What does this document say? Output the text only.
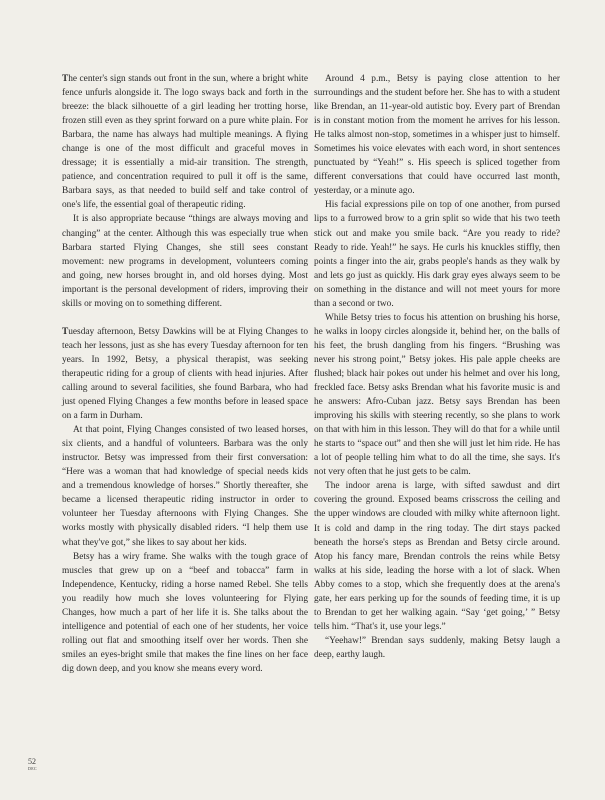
The center's sign stands out front in the sun, where a bright white fence unfurls alongside it. The logo sways back and forth in the breeze: the black silhouette of a girl leading her trotting horse, frozen still even as they sprint forward on a pure white plain. For Barbara, the name has always had multiple meanings. A flying change is one of the most difficult and graceful moves in dressage; it is essentially a mid-air transition. The strength, patience, and concentration required to pull it off is the same, Barbara says, as that needed to build self and take control of one's life, the essential goal of therapeutic riding.

It is also appropriate because “things are always moving and changing” at the center. Although this was especially true when Barbara started Flying Changes, she still sees constant movement: new programs in development, volunteers coming and going, new horses brought in, and old horses dying. Most important is the personal development of riders, improving their skills or moving on to something different.

Tuesday afternoon, Betsy Dawkins will be at Flying Changes to teach her lessons, just as she has every Tuesday afternoon for ten years. In 1992, Betsy, a physical therapist, was seeking therapeutic riding for a group of clients with head injuries. After calling around to several facilities, she found Barbara, who had just opened Flying Changes a few months before in leased space on a farm in Durham.

At that point, Flying Changes consisted of two leased horses, six clients, and a handful of volunteers. Barbara was the only instructor. Betsy was impressed from their first conversation: “Here was a woman that had knowledge of special needs kids and a tremendous knowledge of horses.” Shortly thereafter, she became a licensed therapeutic riding instructor in order to volunteer her Tuesday afternoons with Flying Changes. She works mostly with physically disabled riders. “I help them use what they've got,” she likes to say about her kids.

Betsy has a wiry frame. She walks with the tough grace of muscles that grew up on a “beef and tobacca” farm in Independence, Kentucky, riding a horse named Rebel. She tells you readily how much she loves volunteering for Flying Changes, how much a part of her life it is. She talks about the intelligence and potential of each one of her students, her voice rolling out flat and smoothing itself over her words. Then she smiles an eyes-bright smile that makes the fine lines on her face dig down deep, and you know she means every word.

Around 4 p.m., Betsy is paying close attention to her surroundings and the student before her. She has to with a student like Brendan, an 11-year-old autistic boy. Every part of Brendan is in constant motion from the moment he arrives for his lesson. He talks almost non-stop, sometimes in a whisper just to himself. Sometimes his voice elevates with each word, in short sentences punctuated by “Yeah!” s. His speech is spliced together from different conversations that could have occurred last month, yesterday, or a minute ago.

His facial expressions pile on top of one another, from pursed lips to a furrowed brow to a grin split so wide that his two teeth stick out and make you smile back. “Are you ready to ride? Ready to ride. Yeah!” he says. He curls his knuckles stiffly, then points a finger into the air, grabs people's hands as they walk by and lets go just as quickly. His dark gray eyes always seem to be on something in the distance and will not meet yours for more than a second or two.

While Betsy tries to focus his attention on brushing his horse, he walks in loopy circles alongside it, behind her, on the balls of his feet, the brush dangling from his fingers. “Brushing was never his strong point,” Betsy jokes. His pale apple cheeks are flushed; black hair pokes out under his helmet and over his long, freckled face. Betsy asks Brendan what his favorite music is and he answers: Afro-Cuban jazz. Betsy says Brendan has been improving his skills with steering recently, so she plans to work on that with him in this lesson. They will do that for a while until he starts to “space out” and then she will just let him ride. He has a lot of people telling him what to do all the time, she says. It's not very often that he just gets to be calm.

The indoor arena is large, with sifted sawdust and dirt covering the ground. Exposed beams crisscross the ceiling and the upper windows are clouded with milky white afternoon light. It is cold and damp in the ring today. The dirt stays packed beneath the horse's steps as Brendan and Betsy circle around. Atop his fancy mare, Brendan controls the reins while Betsy walks at his side, leading the horse with a lot of slack. When Abby comes to a stop, which she frequently does at the arena's gate, her ears perking up for the sounds of feeding time, it is up to Brendan to get her walking again. “Say ‘get going,’ ” Betsy tells him. “That's it, use your legs.”

“Yeehaw!” Brendan says suddenly, making Betsy laugh a deep, earthy laugh.

52
DEC
